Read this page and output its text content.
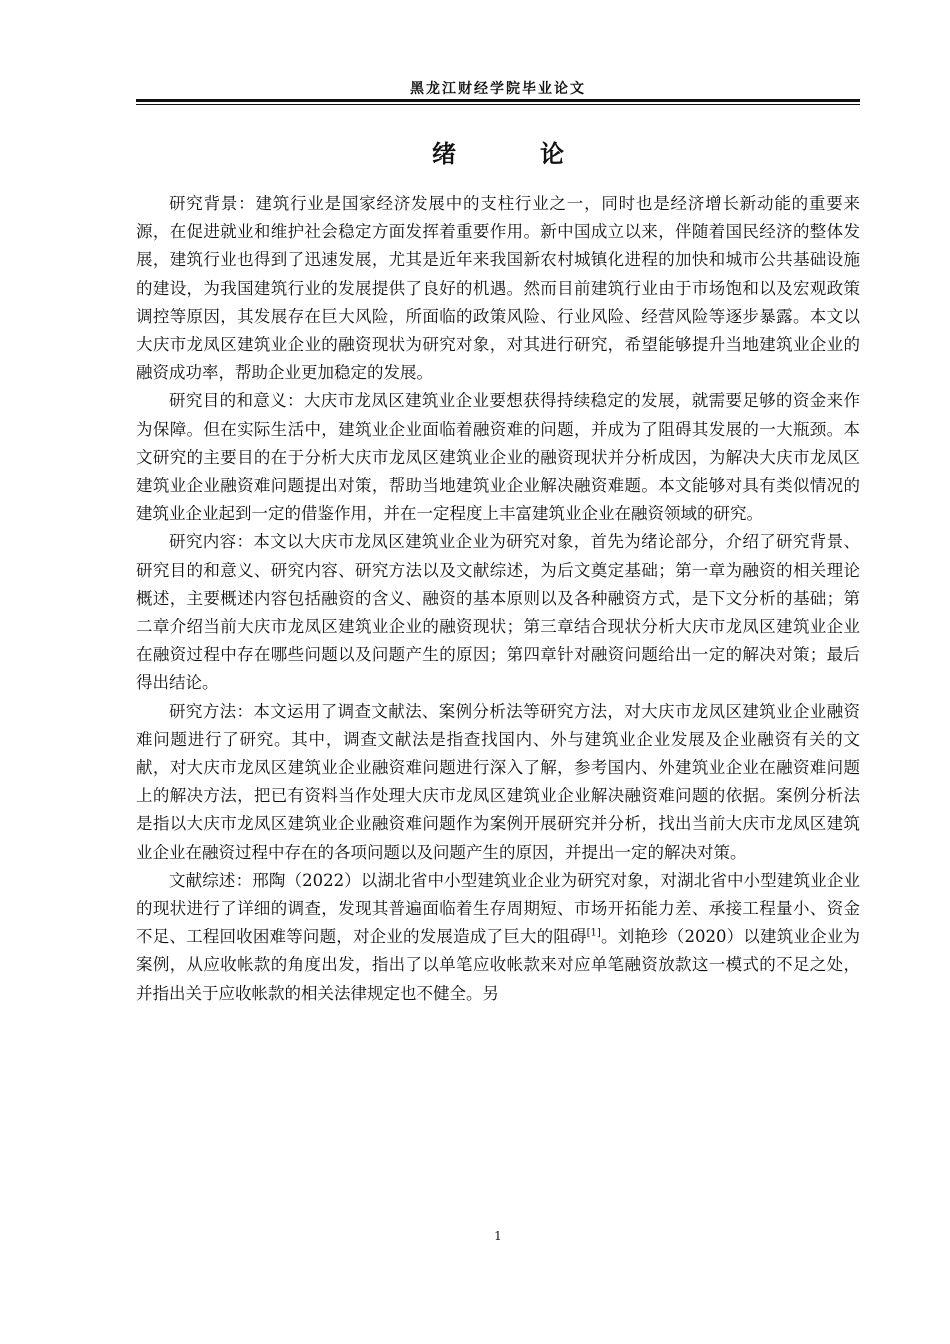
黑龙江财经学院毕业论文
绪　论

研究背景：建筑行业是国家经济发展中的支柱行业之一，同时也是经济增长新动能的重要来源，在促进就业和维护社会稳定方面发挥着重要作用。新中国成立以来，伴随着国民经济的整体发展，建筑行业也得到了迅速发展，尤其是近年来我国新农村城镇化进程的加快和城市公共基础设施的建设，为我国建筑行业的发展提供了良好的机遇。然而目前建筑行业由于市场饱和以及宏观政策调控等原因，其发展存在巨大风险，所面临的政策风险、行业风险、经营风险等逐步暴露。本文以大庆市龙凤区建筑业企业的融资现状为研究对象，对其进行研究，希望能够提升当地建筑业企业的融资成功率，帮助企业更加稳定的发展。

研究目的和意义：大庆市龙凤区建筑业企业要想获得持续稳定的发展，就需要足够的资金来作为保障。但在实际生活中，建筑业企业面临着融资难的问题，并成为了阻碍其发展的一大瓶颈。本文研究的主要目的在于分析大庆市龙凤区建筑业企业的融资现状并分析成因，为解决大庆市龙凤区建筑业企业融资难问题提出对策，帮助当地建筑业企业解决融资难题。本文能够对具有类似情况的建筑业企业起到一定的借鉴作用，并在一定程度上丰富建筑业企业在融资领域的研究。

研究内容：本文以大庆市龙凤区建筑业企业为研究对象，首先为绪论部分，介绍了研究背景、研究目的和意义、研究内容、研究方法以及文献综述，为后文奠定基础；第一章为融资的相关理论概述，主要概述内容包括融资的含义、融资的基本原则以及各种融资方式，是下文分析的基础；第二章介绍当前大庆市龙凤区建筑业企业的融资现状；第三章结合现状分析大庆市龙凤区建筑业企业在融资过程中存在哪些问题以及问题产生的原因；第四章针对融资问题给出一定的解决对策；最后得出结论。

研究方法：本文运用了调查文献法、案例分析法等研究方法，对大庆市龙凤区建筑业企业融资难问题进行了研究。其中，调查文献法是指查找国内、外与建筑业企业发展及企业融资有关的文献，对大庆市龙凤区建筑业企业融资难问题进行深入了解，参考国内、外建筑业企业在融资难问题上的解决方法，把已有资料当作处理大庆市龙凤区建筑业企业解决融资难问题的依据。案例分析法是指以大庆市龙凤区建筑业企业融资难问题作为案例开展研究并分析，找出当前大庆市龙凤区建筑业企业在融资过程中存在的各项问题以及问题产生的原因，并提出一定的解决对策。

文献综述：邢陶（2022）以湖北省中小型建筑业企业为研究对象，对湖北省中小型建筑业企业的现状进行了详细的调查，发现其普遍面临着生存周期短、市场开拓能力差、承接工程量小、资金不足、工程回收困难等问题，对企业的发展造成了巨大的阻碍[1]。刘艳珍（2020）以建筑业企业为案例，从应收帐款的角度出发，指出了以单笔应收帐款来对应单笔融资放款这一模式的不足之处，并指出关于应收帐款的相关法律规定也不健全。另

1
